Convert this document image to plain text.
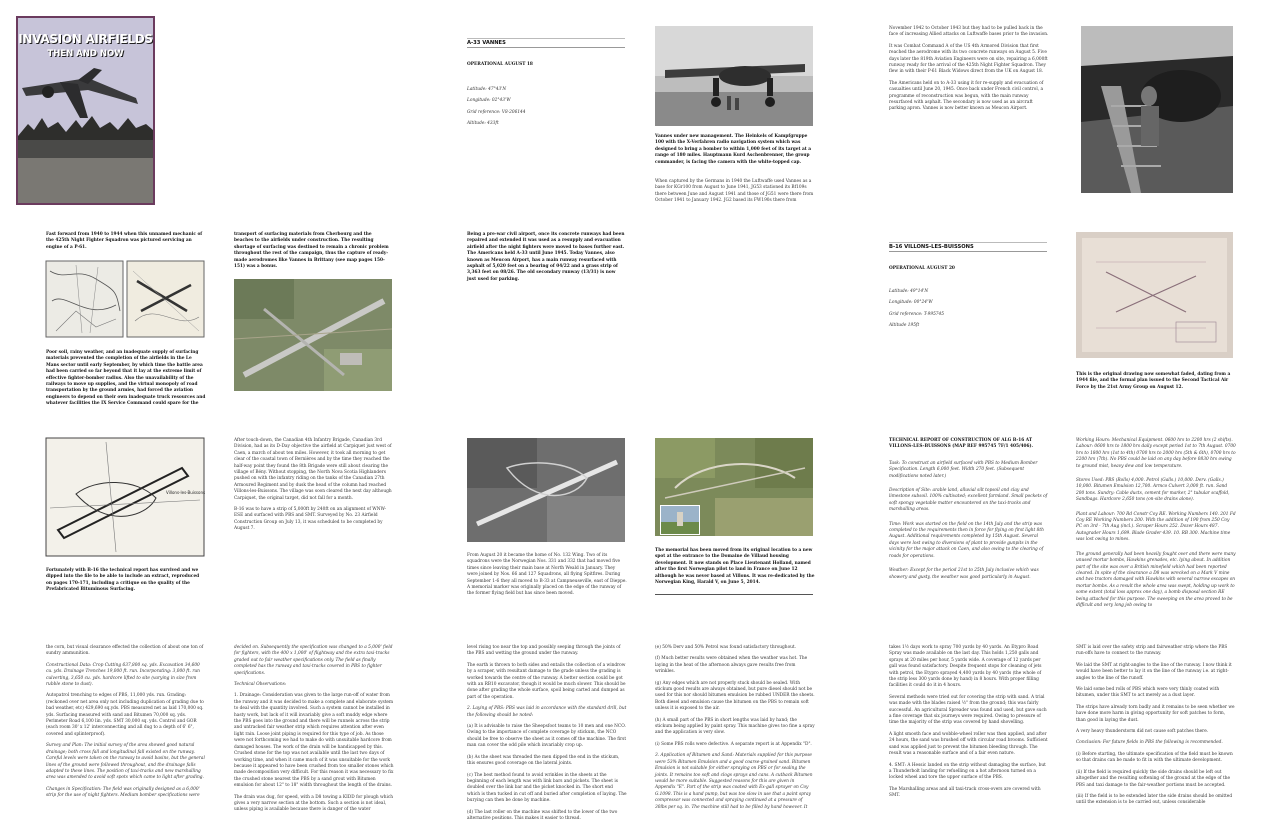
INVASION AIRFIELDS
THEN AND NOW
A-33 VANNES

OPERATIONAL AUGUST 18

Latitude: 47°43'N

Longitude: 02°43'W

Grid reference: V8-206144

Altitude: 433ft

Vannes under new management. The Heinkels of Kampfgruppe 100 with the X-Verfahren radio navigation system which was designed to bring a bomber to within 1,000 feet of its target at a range of 180 miles. Hauptmann Kurd Aschenbrenner, the group commander, is facing the camera with the white-topped cap.
When captured by the Germans in 1940 the Luftwaffe used Vannes as a base for KGr100 from August to June 1941, JG53 stationed its Bf109s there between June and August 1941 and those of JG51 were there from October 1941 to January 1942. JG2 based its FW190s there from

November 1942 to October 1943 but they had to be pulled back in the face of increasing Allied attacks on Luftwaffe bases prior to the invasion.

It was Combat Command A of the US 4th Armored Division that first reached the aerodrome with its two concrete runways on August 5. Five days later the 819th Aviation Engineers were on site, repairing a 6,000ft runway ready for the arrival of the 425th Night Fighter Squadron. They flew in with their P-61 Black Widows direct from the UK on August 18.

The Americans held on to A-33 using it for re-supply and evacuation of casualties until June 20, 1945. Once back under French civil control, a programme of reconstruction was begun, with the main runway resurfaced with asphalt. The secondary is now used as an aircraft parking apron. Vannes is now better known as Meucon Airport.

Fast forward from 1940 to 1944 when this unnamed mechanic of the 425th Night Fighter Squadron was pictured servicing an engine of a P-61.
Poor soil, rainy weather, and an inadequate supply of surfacing materials prevented the completion of the airfields in the Le Mans sector until early September, by which time the battle area had been carried so far beyond that it lay at the extreme limit of effective fighter-bomber radius. Also the unavailability of the railways to move up supplies, and the virtual monopoly of road transportation by the ground armies, had forced the aviation engineers to depend on their own inadequate truck resources and whatever facilities the IX Service Command could spare for the
transport of surfacing materials from Cherbourg and the beaches to the airfields under construction. The resulting shortage of surfacing was destined to remain a chronic problem throughout the rest of the campaign, thus the capture of ready-made aerodromes like Vannes in Brittany (see map pages 150-151) was a bonus.
Being a pre-war civil airport, once its concrete runways had been repaired and extended it was used as a resupply and evacuation airfield after the night fighters were moved to bases further east. The Americans held A-33 until June 1945. Today Vannes, also known as Meucon Airport, has a main runway resurfaced with asphalt of 5,020 feet on a bearing of 04/22 and a grass strip of 3,363 feet on 08/26. The old secondary runway (13/31) is now just used for parking.
B-16 VILLONS-LES-BUISSONS

OPERATIONAL AUGUST 20

Latitude: 49°14'N

Longitude: 00°24'W

Grid reference: T-995745

Altitude 195ft

This is the original drawing now somewhat faded, dating from a 1944 file, and the formal plan issued to the Second Tactical Air Force by the 21st Army Group on August 12.
Villons-les-Buissons
Fortunately with B-16 the technical report has survived and we dipped into the file to be able to include an extract, reproduced on pages 170-171, including a critique on the quality of the Prefabricated Bituminous Surfacing.

After touch-down, the Canadian 4th Infantry Brigade, Canadian 3rd Division, had as its D-Day objective the airfield at Carpiquet just west of Caen, a march of about ten miles. However, it took all morning to get clear of the coastal town of Bernières and by the time they reached the half-way point they found the 8th Brigade were still about clearing the village of Bény. Without stopping, the North Nova Scotia Highlanders pushed on with the infantry riding on the tanks of the Canadian 27th Armoured Regiment and by dusk the head of the column had reached Villons-les-Buissons. The village was soon cleared the next day although Carpiquet, the original target, did not fall for a month.

B-16 was to have a strip of 5,000ft by 240ft on an alignment of WNW-ESE and surfaced with PBS and SMT. Surveyed by No. 23 Airfield Construction Group on July 13, it was scheduled to be completed by August 7.

From August 20 it became the home of No. 132 Wing. Two of its squadrons were the Norwegian Nos. 331 and 332 that had moved five times since leaving their main base at North Weald in January. They were joined by Nos. 66 and 127 Squadrons, all flying Spitfires. During September 1-6 they all moved to B-33 at Campneuseville, east of Dieppe. A memorial marker was originally placed on the edge of the runway of the former flying field but has since been moved.
The memorial has been moved from its original location to a new spot at the entrance to the Domaine de Villaud housing development. It now stands on Place Lieutenant Holland, named after the first Norwegian pilot to land in France on June 12 although he was never based at Villons. It was re-dedicated by the Norwegian King, Harald V, on June 5, 2014.

TECHNICAL REPORT OF CONSTRUCTION OF ALG B-16 AT VILLONS-LES-BUISSONS (MAP REF 995745 7F/1 405/406).

Task: To construct an airfield surfaced with PBS to Medium Bomber Specification. Length 6,000 feet. Width 270 feet. (Subsequent modifications noted later.)

Description of Site: arable land, alluvial silt topsoil and clay and limestone subsoil. 100% cultivated; excellent farmland. Small pockets of soft spongy vegetable matter encountered on the taxi-tracks and marshalling areas.

Time: Work was started on the field on the 14th July and the strip was completed to the requirements then in force for flying on first light 8th August. Additional requirements completed by 15th August. Several days were lost owing to diversions of plant to provide gunpits in the vicinity for the major attack on Caen, and also owing to the clearing of roads for operations.

Weather: Except for the period 21st to 25th July inclusive which was showery and gusty, the weather was good particularly in August.

Working Hours: Mechanical Equipment. 0600 hrs to 2200 hrs (2 shifts). Labour: 0600 hrs to 1800 hrs daily except period 1st to 7th August. 0700 hrs to 1800 hrs (1st to 4th) 0700 hrs to 2000 hrs (5th & 6th), 0700 hrs to 2200 hrs (7th). No PBS could be laid on any day before 0830 hrs owing to ground mist, heavy dew and low temperature.

Stores Used: PBS (Rolls) 4,000. Petrol (Galls.) 10,000. Derv. (Galls.) 10,000. Bitumen Emulsion 12,700. Armco Culvert 3,000 ft. run. Sand 200 tons. Sundry: Cable ducts, cement for marker, 2" tubular scaffold, Sandbags. Hardcore 2,650 tons (on-site drains alone).

Plant and Labour: 700 Rd Constr Coy RE. Working Numbers 140. 201 Fd Coy RE Working Numbers 200. With the addition of 190 from 250 Coy PC on 3rd - 7th Aug (incl.). Scraper Hours 252. Dozer Hours 487. Autograder Hours 1,699. Blade Grader 439. 10. RB 300. Machine time was lost owing to mines.

The ground generally had been heavily fought over and there were many unused mortar bombs, Hawkins grenades, etc. lying about. In addition part of the site was over a British minefield which had been reported cleared. In spite of the clearance a D8 was wrecked on a Mark V mine and two tractors damaged with Hawkins with several narrow escapes on mortar bombs. As a result the whole area was swept, holding up work to some extent (total loss approx one day), a bomb disposal section RE being attached for this purpose. The sweeping on the area proved to be difficult and very long job owing to

the corn, but visual clearance effected the collection of about one ton of sundry ammunition.

Constructional Data: Crop Cutting 637,800 sq. yds. Excavation 34,600 cu. yds. Drainage Trenches 19,000 ft. run. Incorporating: 3,000 ft. run culverting, 3,650 cu. yds. hardcore lifted to site (varying in size from rubble stone to dust).

Autopatrol trenching to edges of PBS, 11,000 yds. run. Grading: (reckoned over net area only not including duplication of grading due to bad weather, etc) 429,690 sq.yds. PBS measured net as laid 170,000 sq. yds. Surfacing measured with sand and Bitumen 70,000 sq. yds. Perimeter Road 6,100 lin. yds. SMT 30,000 sq. yds. Control and GOR (each room 30' x 12' interconnecting and all dug to a depth of 6' 6", covered and splinterproof).

Survey and Plan: The initial survey of the area showed good natural drainage; both cross fall and longitudinal fall existed on the runway. Careful levels were taken on the runway to avoid basins, but the general lines of the ground were followed throughout, and the drainage falls adapted to these lines. The position of taxi-tracks and new marshalling area was amended to avoid soft spots which came to light after grading.

Changes in Specification: The field was originally designed as a 6,000' strip for the use of night fighters. Medium bomber specifications were

decided on. Subsequently the specification was changed to a 5,000' field for fighters, with the 400 x 1,000' of flightway and the extra taxi-tracks graded out to fair weather specifications only. The field as finally completed has the runway and taxi-tracks covered in PBS to fighter specifications.

Technical Observations:

1. Drainage: Consideration was given to the large run-off of water from the runway and it was decided to make a complete and elaborate system to deal with the quantity involved. Such a system cannot be installed in hasty work, but lack of it will invariably give a soft muddy edge where the PBS goes into the ground and there will be runnels across the strip and untracked fair weather strip which requires attention after even light rain. Loose joint piping is required for this type of job. As those were not forthcoming we had to make do with unsuitable hardcore from damaged houses. The work of the drain will be handicapped by this. Crushed stone for the top was not available until the last two days of working time, and when it came much of it was unsuitable for the work because it appeared to have been crushed from too smaller stones which made decomposition very difficult. For this reason it was necessary to fix the crushed stone nearest the PBS by a sand grout with Bitumen emulsion for about 12" to 18" width throughout the length of the drains.

The drain was dug, for speed, with a D8 towing a KIDD for plough which gives a very narrow section at the bottom. Such a section is not ideal, unless piping is available because there is danger of the water

level rising too near the top and possibly seeping through the joints of the PBS and wetting the ground under the runway.

The earth is thrown to both sides and entails the collection of a windrow by a scraper, with resultant damage to the grade unless the grading is worked towards the centre of the runway. A better section could be got with an RB10 excavator, though it would be much slower. This should be done after grading the whole surface, spoil being carted and dumped as part of the operation.

2. Laying of PBS: PBS was laid in accordance with the standard drill, but the following should be noted:

(a) It is advisable to raise the Sheepsfoot teams to 10 men and one NCO. Owing to the importance of complete coverage by stickum, the NCO should be free to observe the sheet as it comes off the machine. The first man can cover the odd pile which invariably crop up.

(b) As the sheet was threaded the men dipped the end in the stickum, this ensures good coverage on the lateral joints.

(c) The best method found to avoid wrinkles in the sheets at the beginning of each length was with link bars and pickets. The sheet is doubled over the link bar and the picket knocked in. The short end which is then tucked in cut off and buried after completion of laying. The burying can then be done by machine.

(d) The last roller on the machine was shifted to the lower of the two alternative positions. This makes it easier to thread.

(e) 50% Derv and 50% Petrol was found satisfactory throughout.

(f) Much better results were obtained when the weather was hot. The laying in the heat of the afternoon always gave results free from wrinkles.

(g) Any edges which are not properly stuck should be sealed. With stickum good results are always obtained, but pure diesel should not be used for this nor should bitumen emulsion be rubbed UNDER the sheets. Both diesel and emulsion cause the bitumen on the PBS to remain soft unless it is exposed to the air.

(h) A small part of the PBS in short lengths was laid by hand; the stickum being applied by paint spray. This machine gives too fine a spray and the application is very slow.

(i) Some PBS rolls were defective. A separate report is at Appendix "D".

3. Application of Bitumen and Sand: Materials supplied for this purpose were 53% Bitumen Emulsion and a good coarse-grained sand. Bitumen Emulsion is not suitable for either spraying on PBS or for sealing the joints. It remains too soft and clogs sprays and cans. A cutback Bitumen would be more suitable. Suggested reasons for this are given in Appendix "E". Part of the strip was coated with Ex-gall sprayer on Coy G.1098. This is a hand pump, but was too slow in use that a paint spray compressor was connected and spraying continued at a pressure of 30lbs per sq. in. The machine still had to be filled by hand however. It

takes 1½ days work to spray 700 yards by 40 yards. An Etypro Road Spray was made available on the last day. This holds 1,250 galls and sprays at 20 miles per hour, 5 yards wide. A coverage of 12 yards per gall was found satisfactory. Despite frequent stops for cleaning of jets with petrol, the Etypro sprayed 4,400 yards by 40 yards (the whole of the strip less 300 yards done by hand) in 8 hours. With proper filling facilities it could do it in 4 hours.

Several methods were tried out for covering the strip with sand. A trial was made with the blades raised ½" from the ground; this was fairly successful. An agricultural Spreader was found and used, but gave such a fine coverage that six journeys were required. Owing to pressure of time the majority of the strip was covered by hand shovelling.

A light smooth face and wobble-wheel roller was then applied, and after 24 hours, the sand was brushed off with circular road brooms. Sufficient sand was applied just to prevent the bitumen bleeding through. The result was a reasonable surface and of a fair even nature.

4. SMT: A Hessic landed on the strip without damaging the surface, but a Thunderbolt landing for refuelling on a hot afternoon turned on a locked wheel and tore the upper surface of the PBS.

The Marshalling areas and all taxi-track cross-overs are covered with SMT.

SMT is laid over the safety strip and fairweather strip where the PBS run-offs have to connect to the runway.

We laid the SMT at right-angles to the line of the runway. I now think it would have been better to lay it on the line of the runway i.e. at right-angles to the line of the runoff.

We laid some bed rolls of PBS which were very thinly coated with bitumen, under this SMT to act merely as a dust layer.

The strips have already torn badly and it remains to be seen whether we have done more harm in giving opportunity for soft patches to form, than good in laying the dust.

A very heavy thunderstorm did not cause soft patches there.

Conclusion: For future fields in PBS the following is recommended.

(i) Before starting, the ultimate specification of the field must be known so that drains can be made to fit in with the ultimate development.

(ii) If the field is required quickly the side drains should be left out altogether and the resulting softening of the ground at the edge of the PBS and taxi damage to the fair-weather portions must be accepted.

(iii) If the field is to be extended later the side drains should be omitted until the extension is to be carried out, unless considerable
